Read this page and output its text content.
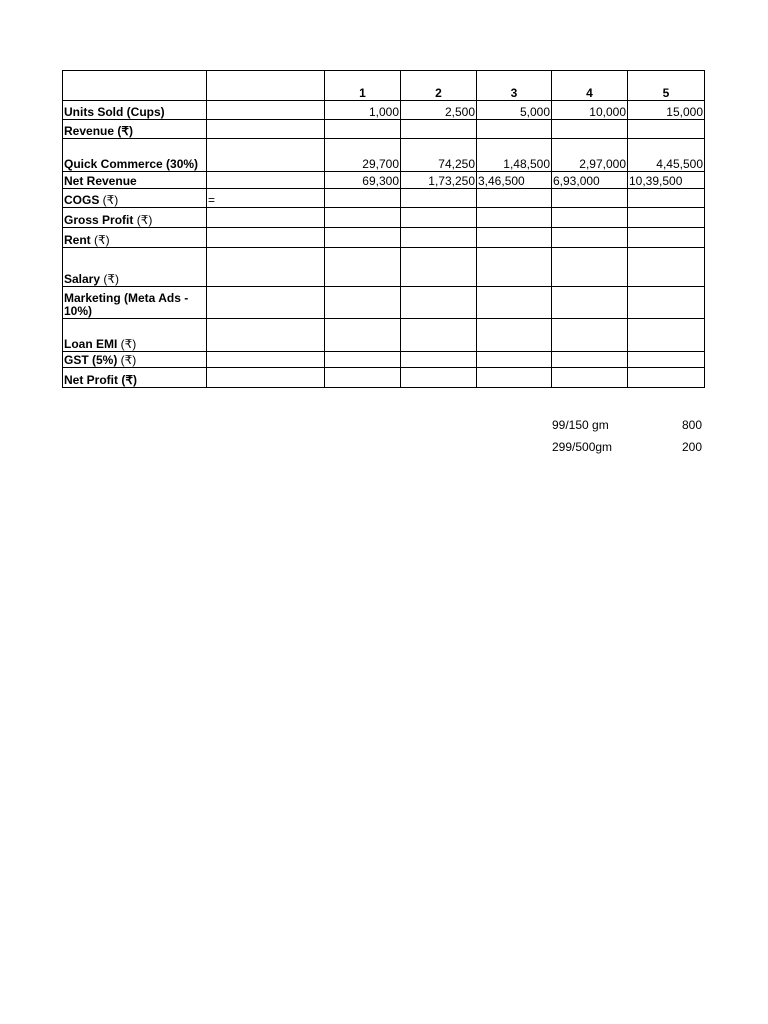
		1	2	3	4	5	
Units Sold (Cups)		1,000	2,500	5,000	10,000	15,000	
Revenue (₹)							
Quick Commerce (30%)		29,700	74,250	1,48,500	2,97,000	4,45,500	
Net Revenue		69,300	1,73,250	3,46,500	6,93,000	10,39,500	
COGS (₹)	=						
Gross Profit (₹)							
Rent (₹)							
Salary (₹)							
Marketing (Meta Ads - 10%)							
Loan EMI (₹)							
GST (5%) (₹)							
Net Profit (₹)							
99/150 gm	800
299/500gm	200
